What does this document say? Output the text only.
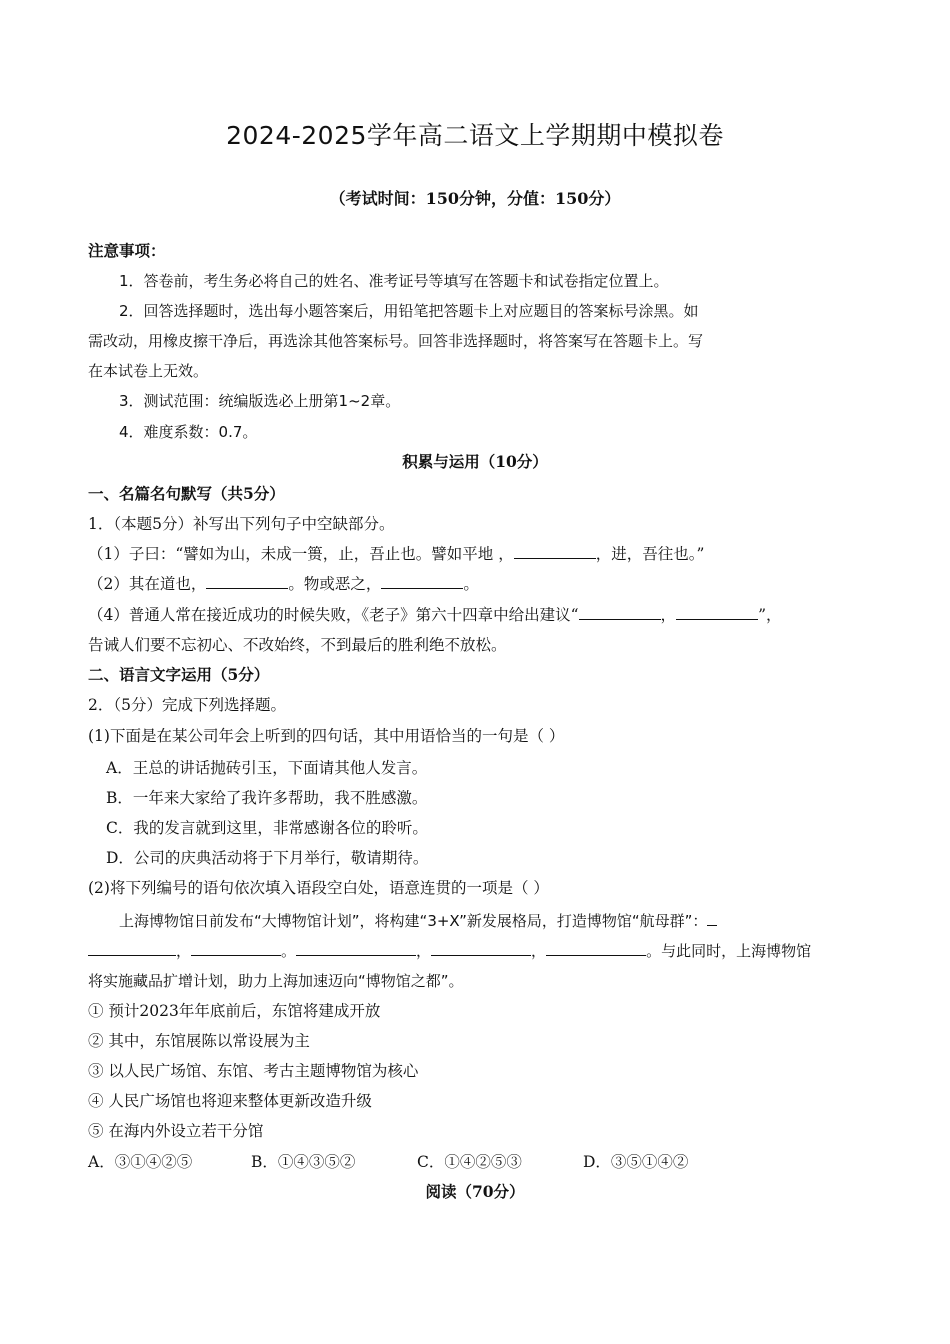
2024-2025学年高二语文上学期期中模拟卷
（考试时间：150分钟，分值：150分）
注意事项：
1．答卷前，考生务必将自己的姓名、准考证号等填写在答题卡和试卷指定位置上。
2．回答选择题时，选出每小题答案后，用铅笔把答题卡上对应题目的答案标号涂黑。如
需改动，用橡皮擦干净后，再选涂其他答案标号。回答非选择题时，将答案写在答题卡上。写
在本试卷上无效。
3．测试范围：统编版选必上册第1~2章。
4．难度系数：0.7。
积累与运用（10分）
一、名篇名句默写（共5分）
1．（本题5分）补写出下列句子中空缺部分。
（1）子曰：“譬如为山，未成一篑，止，吾止也。譬如平地 ，	，进，吾往也。”
（2）其在道也，	。物或恶之，	。
（4）普通人常在接近成功的时候失败，《老子》第六十四章中给出建议“	，	”，
告诫人们要不忘初心、不改始终，不到最后的胜利绝不放松。
二、语言文字运用（5分）
2．（5分）完成下列选择题。
(1)下面是在某公司年会上听到的四句话，其中用语恰当的一句是（ ）
A．王总的讲话抛砖引玉，下面请其他人发言。
B．一年来大家给了我许多帮助，我不胜感激。
C．我的发言就到这里，非常感谢各位的聆听。
D．公司的庆典活动将于下月举行，敬请期待。
(2)将下列编号的语句依次填入语段空白处，语意连贯的一项是（ ）
上海博物馆日前发布“大博物馆计划”，将构建“3+X”新发展格局，打造博物馆“航母群”：
，	。	，	，	。与此同时，上海博物馆
将实施藏品扩增计划，助力上海加速迈向“博物馆之都”。
① 预计2023年年底前后，东馆将建成开放
② 其中，东馆展陈以常设展为主
③ 以人民广场馆、东馆、考古主题博物馆为核心
④ 人民广场馆也将迎来整体更新改造升级
⑤ 在海内外设立若干分馆
A．③①④②⑤	B．①④③⑤②	C．①④②⑤③	D．③⑤①④②
阅读（70分）
